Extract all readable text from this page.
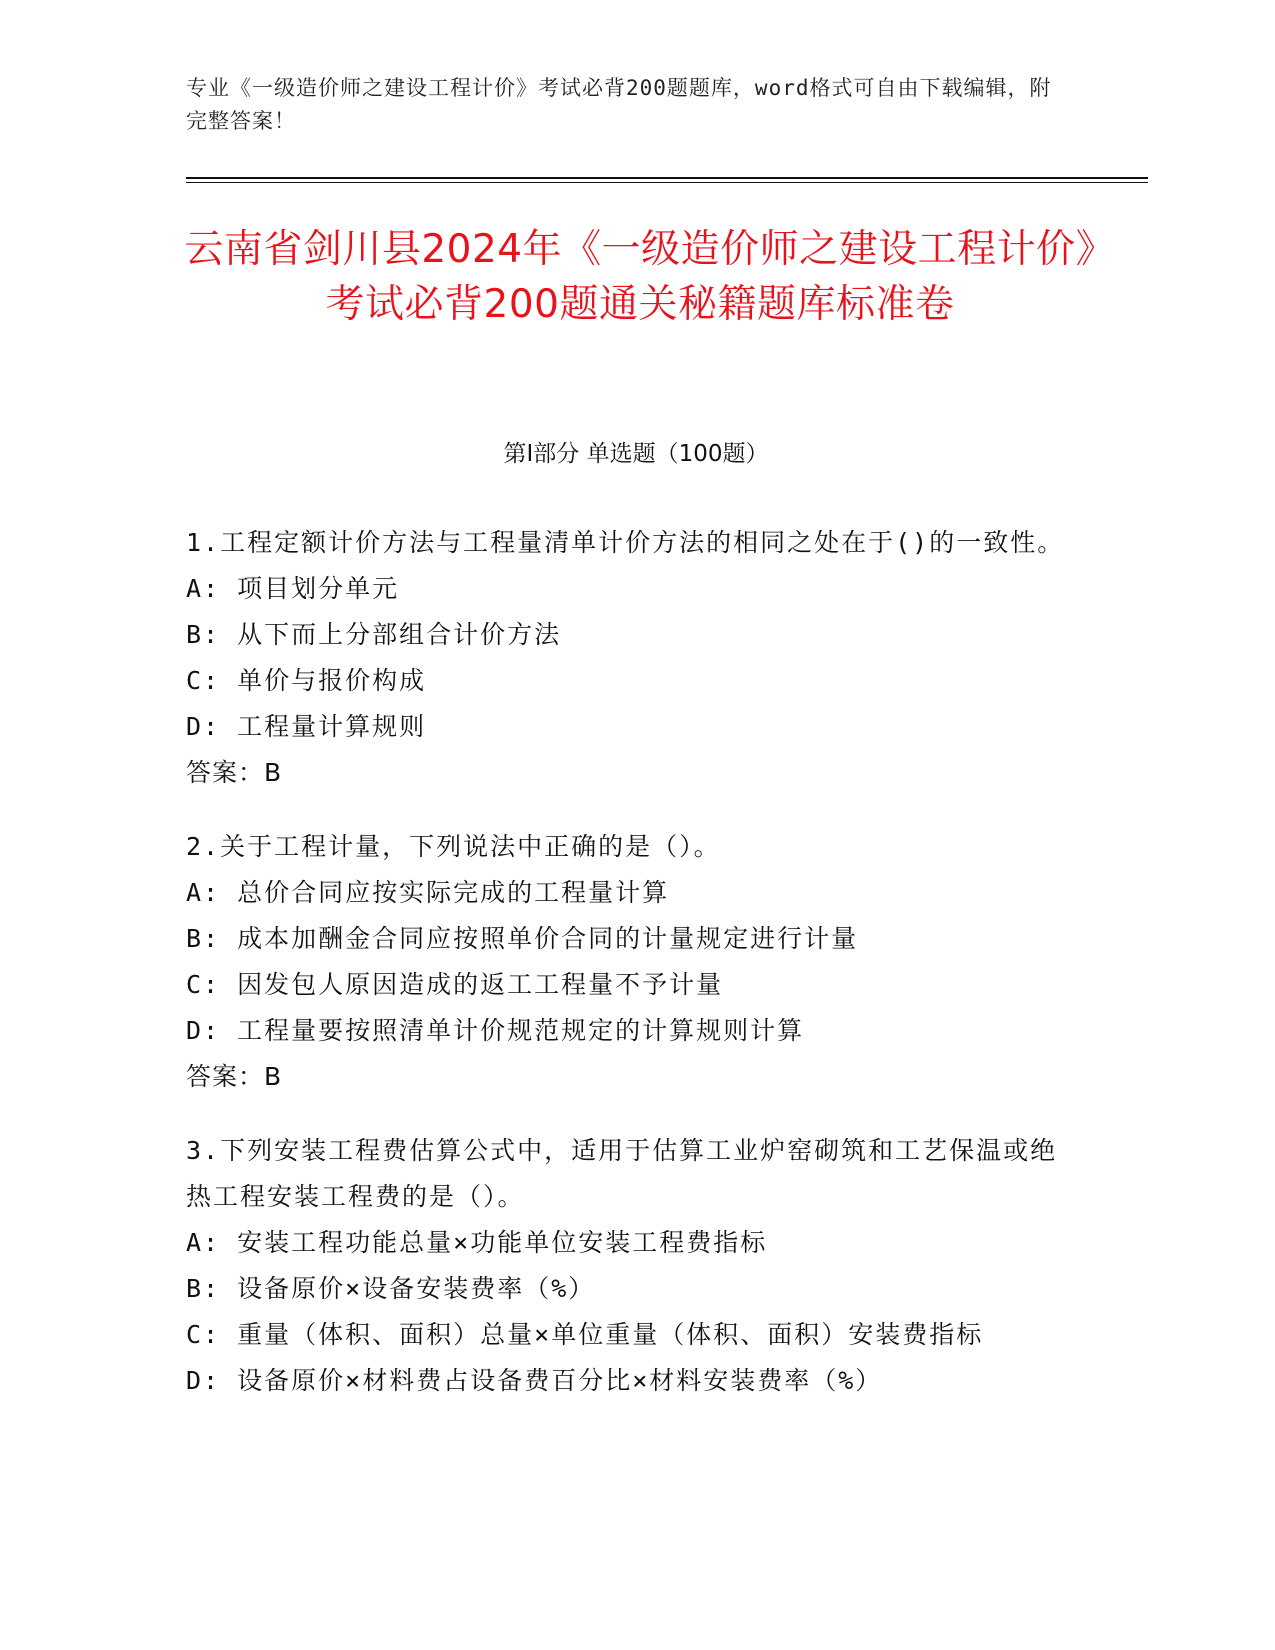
专业《一级造价师之建设工程计价》考试必背200题题库，word格式可自由下载编辑，附完整答案！
云南省剑川县2024年《一级造价师之建设工程计价》考试必背200题通关秘籍题库标准卷
第I部分 单选题（100题）

1.工程定额计价方法与工程量清单计价方法的相同之处在于()的一致性。

A: 项目划分单元

B: 从下而上分部组合计价方法

C: 单价与报价构成

D: 工程量计算规则

答案：B

2.关于工程计量，下列说法中正确的是（）。

A: 总价合同应按实际完成的工程量计算

B: 成本加酬金合同应按照单价合同的计量规定进行计量

C: 因发包人原因造成的返工工程量不予计量

D: 工程量要按照清单计价规范规定的计算规则计算

答案：B

3.下列安装工程费估算公式中，适用于估算工业炉窑砌筑和工艺保温或绝热工程安装工程费的是（）。

A: 安装工程功能总量×功能单位安装工程费指标

B: 设备原价×设备安装费率（%）

C: 重量（体积、面积）总量×单位重量（体积、面积）安装费指标

D: 设备原价×材料费占设备费百分比×材料安装费率（%）
